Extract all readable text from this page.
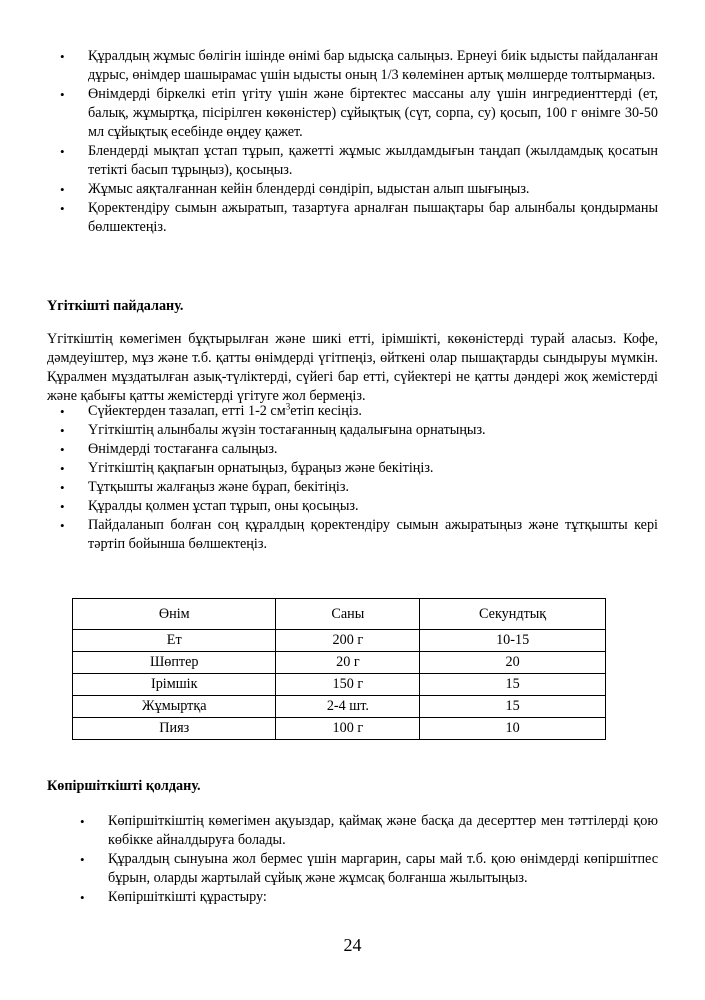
• Құралдың жұмыс бөлігін ішінде өнімі бар ыдысқа салыңыз. Ернеуі биік ыдысты пайдаланған дұрыс, өнімдер шашырамас үшін ыдысты оның 1/3 көлемінен артық мөлшерде толтырмаңыз.
• Өнімдерді біркелкі етіп үгіту үшін және біртектес массаны алу үшін ингредиенттерді (ет, балық, жұмыртқа, пісірілген көкөністер) сұйықтық (сүт, сорпа, су) қосып, 100 г өнімге 30-50 мл сұйықтық есебінде өңдеу қажет.
• Блендерді мықтап ұстап тұрып, қажетті жұмыс жылдамдығын таңдап (жылдамдық қосатын тетікті басып тұрыңыз), қосыңыз.
• Жұмыс аяқталғаннан кейін блендерді сөндіріп, ыдыстан алып шығыңыз.
• Қоректендіру сымын ажыратып, тазартуға арналған пышақтары бар алынбалы қондырманы бөлшектеңіз.
Үгіткішті пайдалану.
Үгіткіштің көмегімен бұқтырылған және шикі етті, ірімшікті, көкөністерді турай аласыз. Кофе, дәмдеуіштер, мұз және т.б. қатты өнімдерді үгітпеңіз, өйткені олар пышақтарды сындыруы мүмкін. Құралмен мұздатылған азық-түліктерді, сүйегі бар етті, сүйектері не қатты дәндері жоқ жемістерді және қабығы қатты жемістерді үгітуге жол бермеңіз.
• Сүйектерден тазалап, етті 1-2 $см^3етіп$ кесіңіз.
• Үгіткіштің алынбалы жүзін тостағанның қадалығына орнатыңыз.
• Өнімдерді тостағанға салыңыз.
• Үгіткіштің қақпағын орнатыңыз, бұраңыз және бекітіңіз.
• Тұтқышты жалғаңыз және бұрап, бекітіңіз.
• Құралды қолмен ұстап тұрып, оны қосыңыз.
• Пайдаланып болған соң құралдың қоректендіру сымын ажыратыңыз және тұтқышты кері тәртіп бойынша бөлшектеңіз.
Өнім	Саны	Секундтық
Ет	200 г	10-15
Шөптер	20 г	20
Ірімшік	150 г	15
Жұмыртқа	2-4 шт.	15
Пияз	100 г	10
Көпіршіткішті қолдану.
• Көпіршіткіштің көмегімен ақуыздар, қаймақ және басқа да десерттер мен тәттілерді қою көбікке айналдыруға болады.
• Құралдың сынуына жол бермес үшін маргарин, сары май т.б. қою өнімдерді көпіршітпес бұрын, оларды жартылай сұйық және жұмсақ болғанша жылытыңыз.
• Көпіршіткішті құрастыру:
24
